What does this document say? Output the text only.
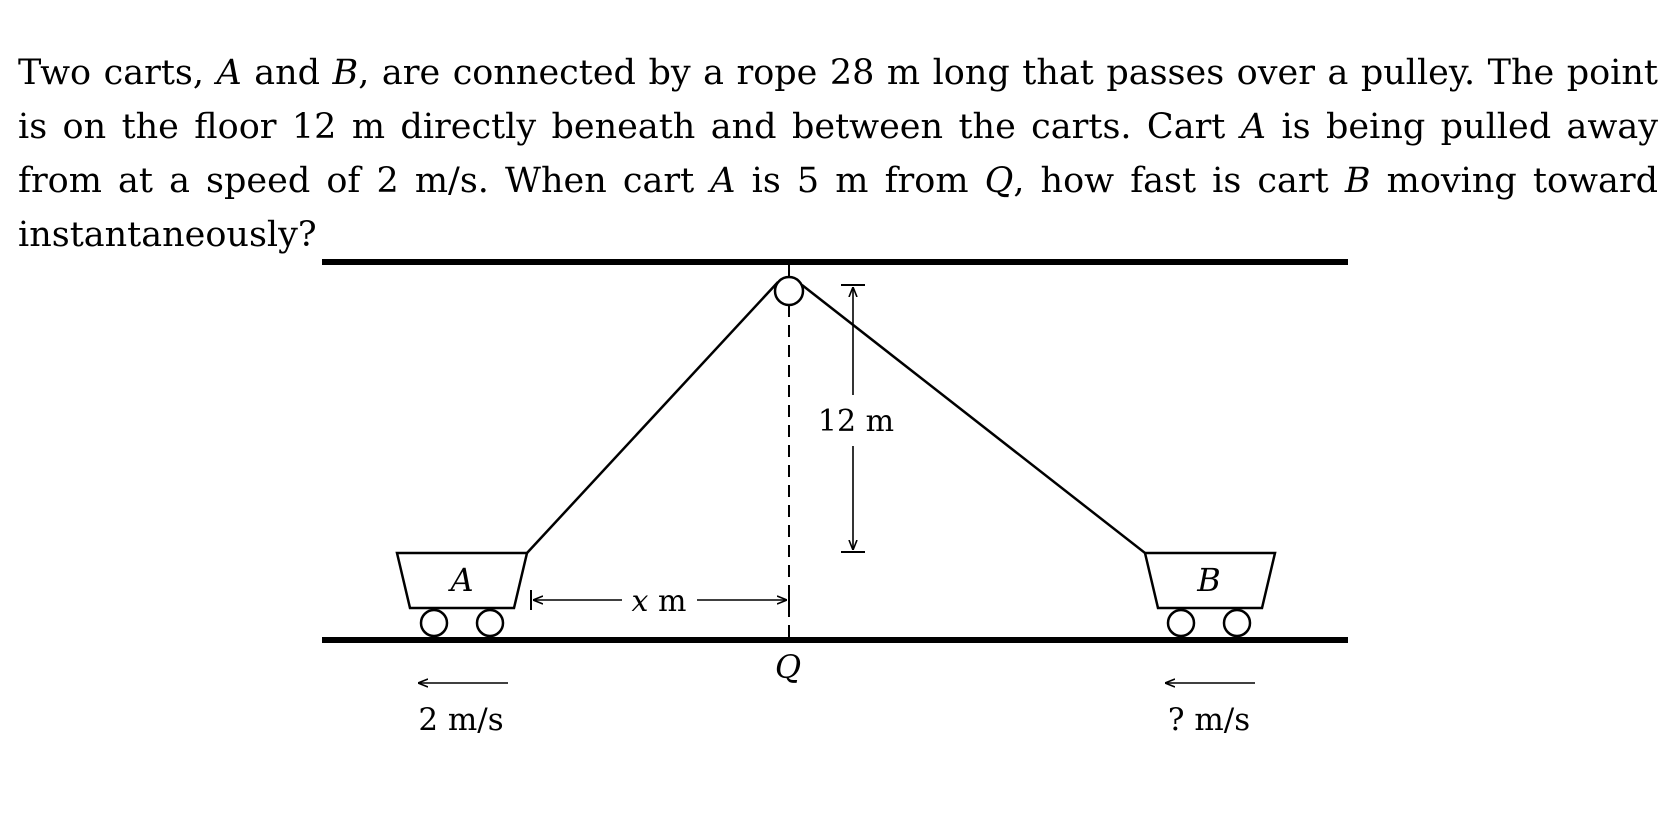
Two carts, A and B, are connected by a rope 28 m long that passes over a pulley. The point is on the floor 12 m directly beneath and between the carts. Cart A is being pulled away from at a speed of 2 m/s. When cart A is 5 m from Q, how fast is cart B moving toward instantaneously?
12 m
A	B
x m
Q
2 m/s	? m/s
